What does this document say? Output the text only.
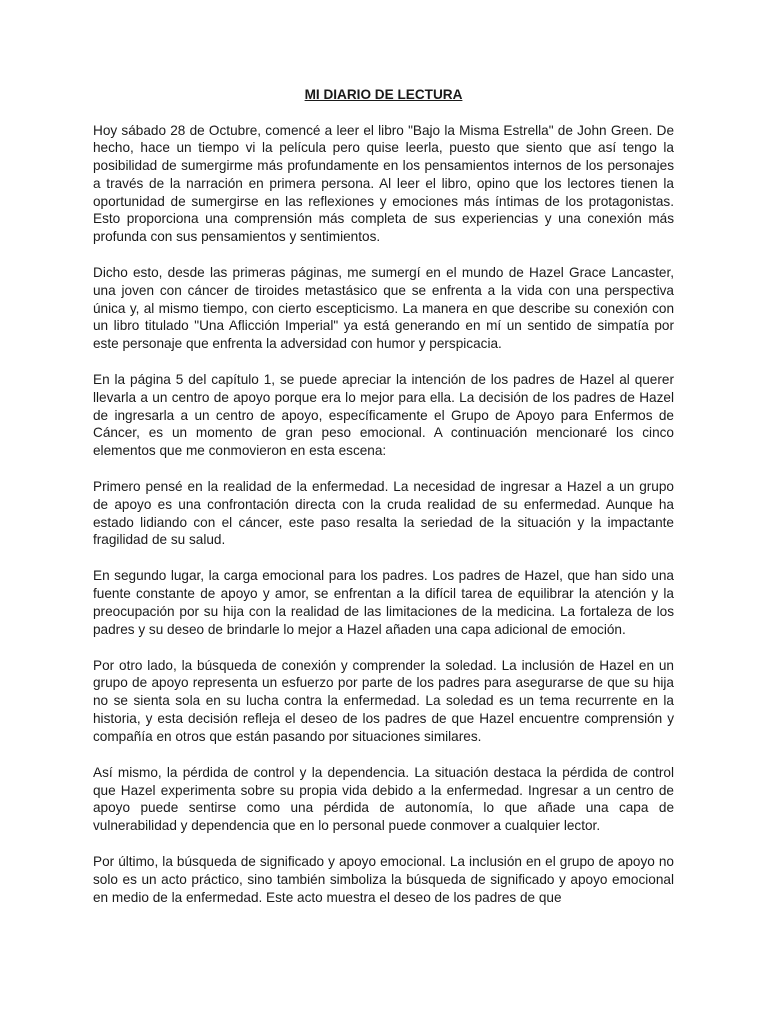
MI DIARIO DE LECTURA

Hoy sábado 28 de Octubre, comencé a leer el libro "Bajo la Misma Estrella" de John Green. De hecho, hace un tiempo vi la película pero quise leerla, puesto que siento que así tengo la posibilidad de sumergirme más profundamente en los pensamientos internos de los personajes a través de la narración en primera persona. Al leer el libro, opino que los lectores tienen la oportunidad de sumergirse en las reflexiones y emociones más íntimas de los protagonistas. Esto proporciona una comprensión más completa de sus experiencias y una conexión más profunda con sus pensamientos y sentimientos.

Dicho esto, desde las primeras páginas, me sumergí en el mundo de Hazel Grace Lancaster, una joven con cáncer de tiroides metastásico que se enfrenta a la vida con una perspectiva única y, al mismo tiempo, con cierto escepticismo. La manera en que describe su conexión con un libro titulado "Una Aflicción Imperial" ya está generando en mí un sentido de simpatía por este personaje que enfrenta la adversidad con humor y perspicacia.

En la página 5 del capítulo 1, se puede apreciar la intención de los padres de Hazel al querer llevarla a un centro de apoyo porque era lo mejor para ella. La decisión de los padres de Hazel de ingresarla a un centro de apoyo, específicamente el Grupo de Apoyo para Enfermos de Cáncer, es un momento de gran peso emocional. A continuación mencionaré los cinco elementos que me conmovieron en esta escena:

Primero pensé en la realidad de la enfermedad. La necesidad de ingresar a Hazel a un grupo de apoyo es una confrontación directa con la cruda realidad de su enfermedad. Aunque ha estado lidiando con el cáncer, este paso resalta la seriedad de la situación y la impactante fragilidad de su salud.

En segundo lugar, la carga emocional para los padres. Los padres de Hazel, que han sido una fuente constante de apoyo y amor, se enfrentan a la difícil tarea de equilibrar la atención y la preocupación por su hija con la realidad de las limitaciones de la medicina. La fortaleza de los padres y su deseo de brindarle lo mejor a Hazel añaden una capa adicional de emoción.

Por otro lado, la búsqueda de conexión y comprender la soledad. La inclusión de Hazel en un grupo de apoyo representa un esfuerzo por parte de los padres para asegurarse de que su hija no se sienta sola en su lucha contra la enfermedad. La soledad es un tema recurrente en la historia, y esta decisión refleja el deseo de los padres de que Hazel encuentre comprensión y compañía en otros que están pasando por situaciones similares.

Así mismo, la pérdida de control y la dependencia. La situación destaca la pérdida de control que Hazel experimenta sobre su propia vida debido a la enfermedad. Ingresar a un centro de apoyo puede sentirse como una pérdida de autonomía, lo que añade una capa de vulnerabilidad y dependencia que en lo personal puede conmover a cualquier lector.

Por último, la búsqueda de significado y apoyo emocional. La inclusión en el grupo de apoyo no solo es un acto práctico, sino también simboliza la búsqueda de significado y apoyo emocional en medio de la enfermedad. Este acto muestra el deseo de los padres de que
